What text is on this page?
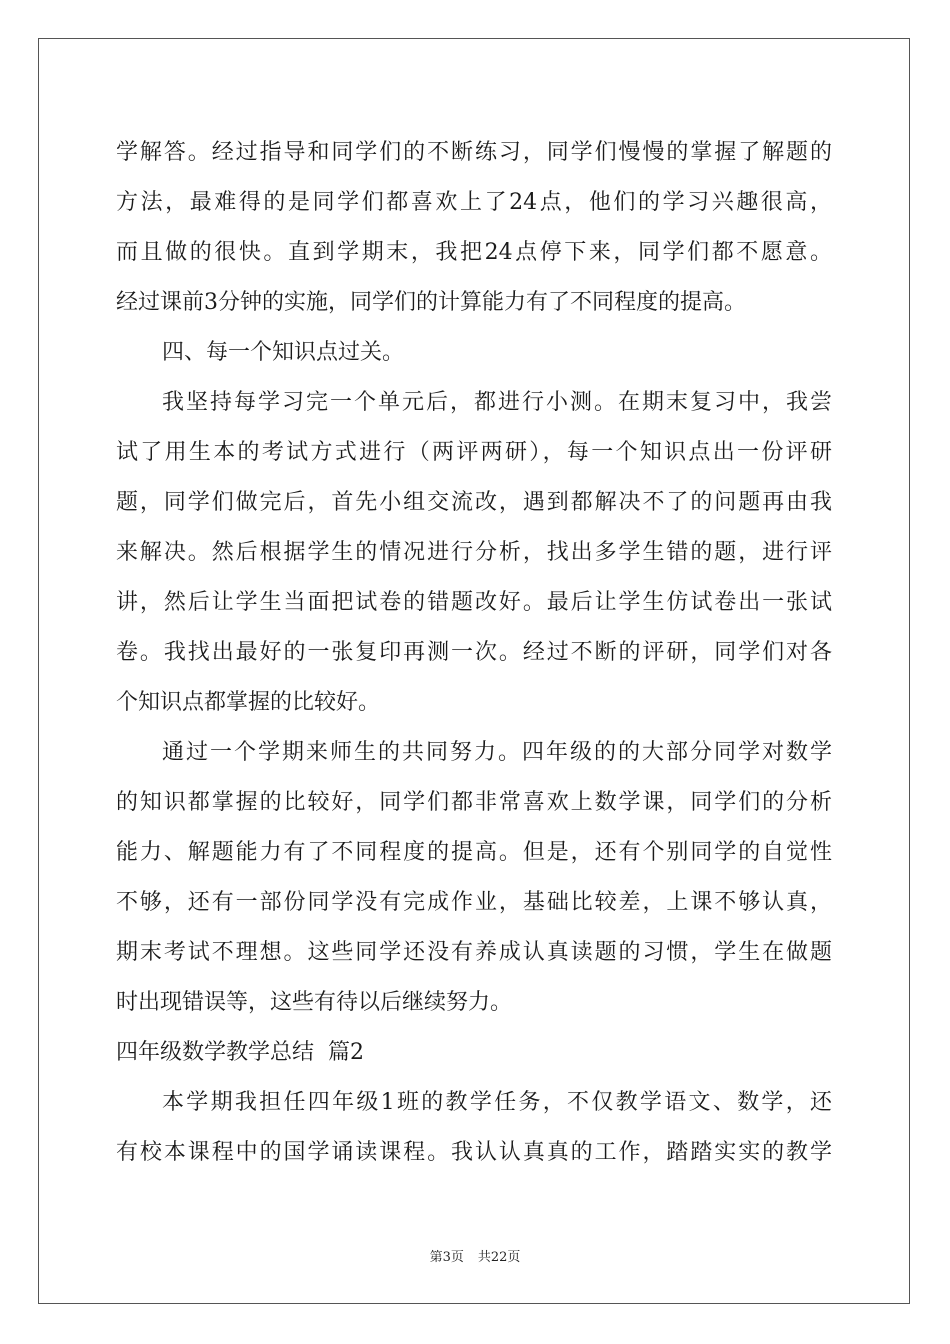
学解答。经过指导和同学们的不断练习，同学们慢慢的掌握了解题的
方法，最难得的是同学们都喜欢上了24点，他们的学习兴趣很高，
而且做的很快。直到学期末，我把24点停下来，同学们都不愿意。
经过课前3分钟的实施，同学们的计算能力有了不同程度的提高。
四、每一个知识点过关。
我坚持每学习完一个单元后，都进行小测。在期末复习中，我尝
试了用生本的考试方式进行（两评两研），每一个知识点出一份评研
题，同学们做完后，首先小组交流改，遇到都解决不了的问题再由我
来解决。然后根据学生的情况进行分析，找出多学生错的题，进行评
讲，然后让学生当面把试卷的错题改好。最后让学生仿试卷出一张试
卷。我找出最好的一张复印再测一次。经过不断的评研，同学们对各
个知识点都掌握的比较好。
通过一个学期来师生的共同努力。四年级的的大部分同学对数学
的知识都掌握的比较好，同学们都非常喜欢上数学课，同学们的分析
能力、解题能力有了不同程度的提高。但是，还有个别同学的自觉性
不够，还有一部份同学没有完成作业，基础比较差，上课不够认真，
期末考试不理想。这些同学还没有养成认真读题的习惯，学生在做题
时出现错误等，这些有待以后继续努力。
四年级数学教学总结  篇2
本学期我担任四年级1班的教学任务，不仅教学语文、数学，还
有校本课程中的国学诵读课程。我认认真真的工作，踏踏实实的教学
第3页 共22页
